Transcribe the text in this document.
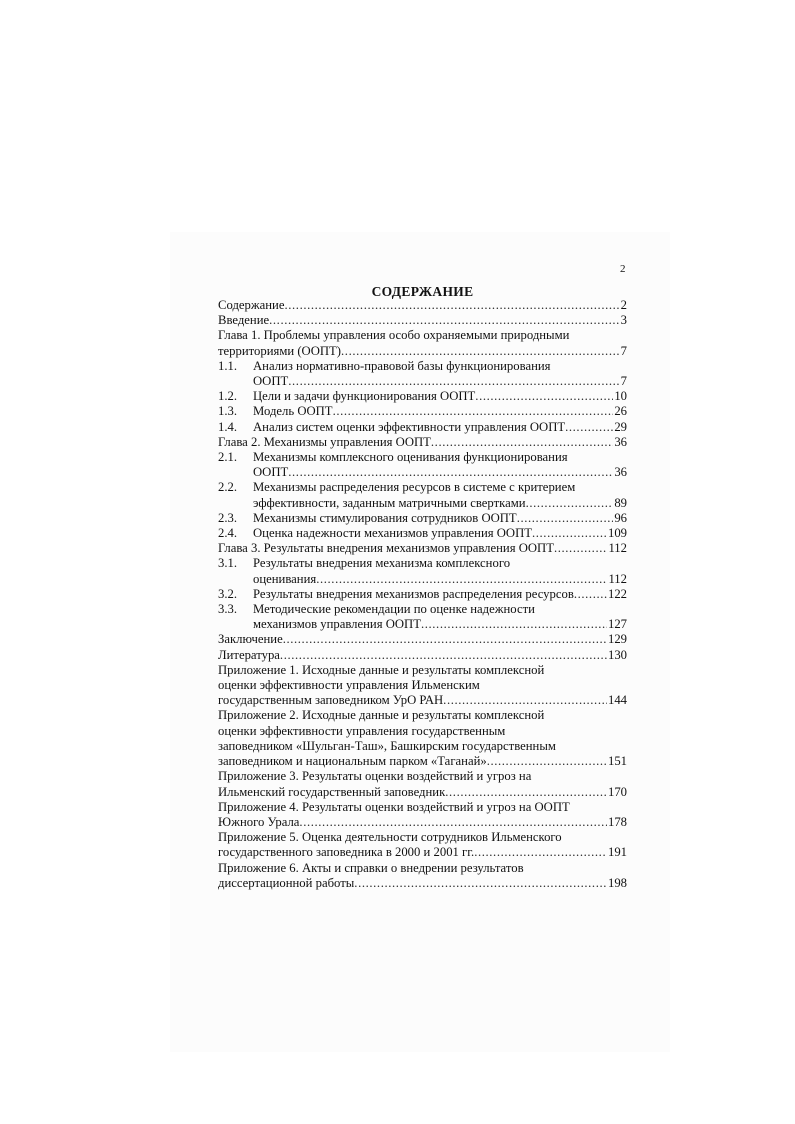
2
СОДЕРЖАНИЕ
Содержание .....	2
Введение .....	3
Глава 1. Проблемы управления особо охраняемыми природными
территориями (ООПТ) .....	7
1.1. Анализ нормативно-правовой базы функционирования
ООПТ .....	7
1.2. Цели и задачи функционирования ООПТ .....	10
1.3. Модель ООПТ .....	26
1.4. Анализ систем оценки эффективности управления ООПТ .....	29
Глава 2. Механизмы управления ООПТ .....	36
2.1. Механизмы комплексного оценивания функционирования
ООПТ .....	36
2.2. Механизмы распределения ресурсов в системе с критерием
эффективности, заданным матричными свертками .....	89
2.3. Механизмы стимулирования сотрудников ООПТ .....	96
2.4. Оценка надежности механизмов управления ООПТ .....	109
Глава 3. Результаты внедрения механизмов управления ООПТ .....	112
3.1. Результаты внедрения механизма комплексного
оценивания .....	112
3.2. Результаты внедрения механизмов распределения ресурсов .....	122
3.3. Методические рекомендации по оценке надежности
механизмов управления ООПТ .....	127
Заключение .....	129
Литература .....	130
Приложение 1. Исходные данные и результаты комплексной
оценки эффективности управления Ильменским
государственным заповедником УрО РАН .....	144
Приложение 2. Исходные данные и результаты комплексной
оценки эффективности управления государственным
заповедником «Шульган-Таш», Башкирским государственным
заповедником и национальным парком «Таганай» .....	151
Приложение 3. Результаты оценки воздействий и угроз на
Ильменский государственный заповедник .....	170
Приложение 4. Результаты оценки воздействий и угроз на ООПТ
Южного Урала .....	178
Приложение 5. Оценка деятельности сотрудников Ильменского
государственного заповедника в 2000 и 2001 гг. .....	191
Приложение 6. Акты и справки о внедрении результатов
диссертационной работы .....	198
